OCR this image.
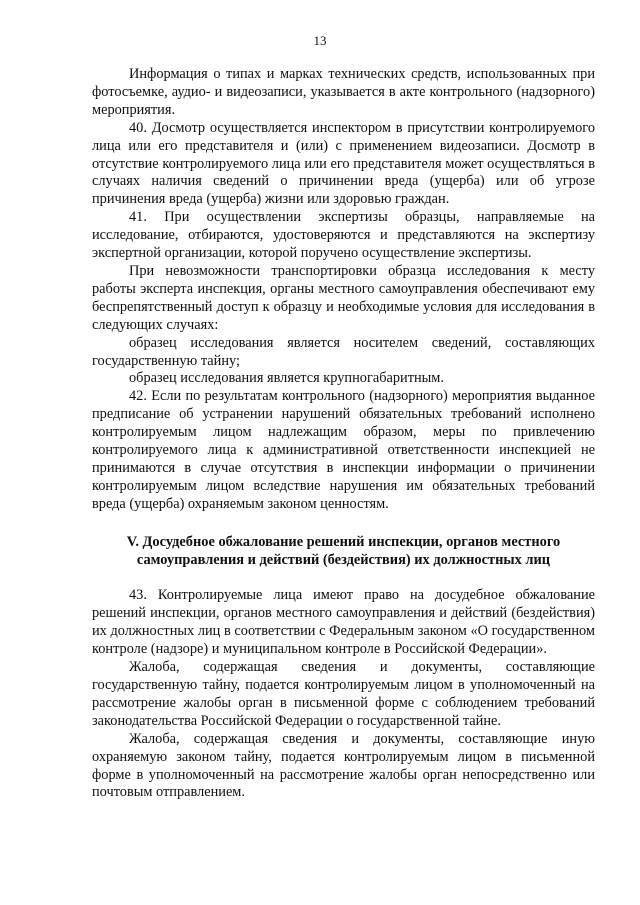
13

Информация о типах и марках технических средств, использованных при фотосъемке, аудио- и видеозаписи, указывается в акте контрольного (надзорного) мероприятия.

40. Досмотр осуществляется инспектором в присутствии контролируемого лица или его представителя и (или) с применением видеозаписи. Досмотр в отсутствие контролируемого лица или его представителя может осуществляться в случаях наличия сведений о причинении вреда (ущерба) или об угрозе причинения вреда (ущерба) жизни или здоровью граждан.

41. При осуществлении экспертизы образцы, направляемые на исследование, отбираются, удостоверяются и представляются на экспертизу экспертной организации, которой поручено осуществление экспертизы.

При невозможности транспортировки образца исследования к месту работы эксперта инспекция, органы местного самоуправления обеспечивают ему беспрепятственный доступ к образцу и необходимые условия для исследования в следующих случаях:

образец исследования является носителем сведений, составляющих государственную тайну;

образец исследования является крупногабаритным.

42. Если по результатам контрольного (надзорного) мероприятия выданное предписание об устранении нарушений обязательных требований исполнено контролируемым лицом надлежащим образом, меры по привлечению контролируемого лица к административной ответственности инспекцией не принимаются в случае отсутствия в инспекции информации о причинении контролируемым лицом вследствие нарушения им обязательных требований вреда (ущерба) охраняемым законом ценностям.

V. Досудебное обжалование решений инспекции, органов местного самоуправления и действий (бездействия) их должностных лиц

43. Контролируемые лица имеют право на досудебное обжалование решений инспекции, органов местного самоуправления и действий (бездействия) их должностных лиц в соответствии с Федеральным законом «О государственном контроле (надзоре) и муниципальном контроле в Российской Федерации».

Жалоба, содержащая сведения и документы, составляющие государственную тайну, подается контролируемым лицом в уполномоченный на рассмотрение жалобы орган в письменной форме с соблюдением требований законодательства Российской Федерации о государственной тайне.

Жалоба, содержащая сведения и документы, составляющие иную охраняемую законом тайну, подается контролируемым лицом в письменной форме в уполномоченный на рассмотрение жалобы орган непосредственно или почтовым отправлением.
